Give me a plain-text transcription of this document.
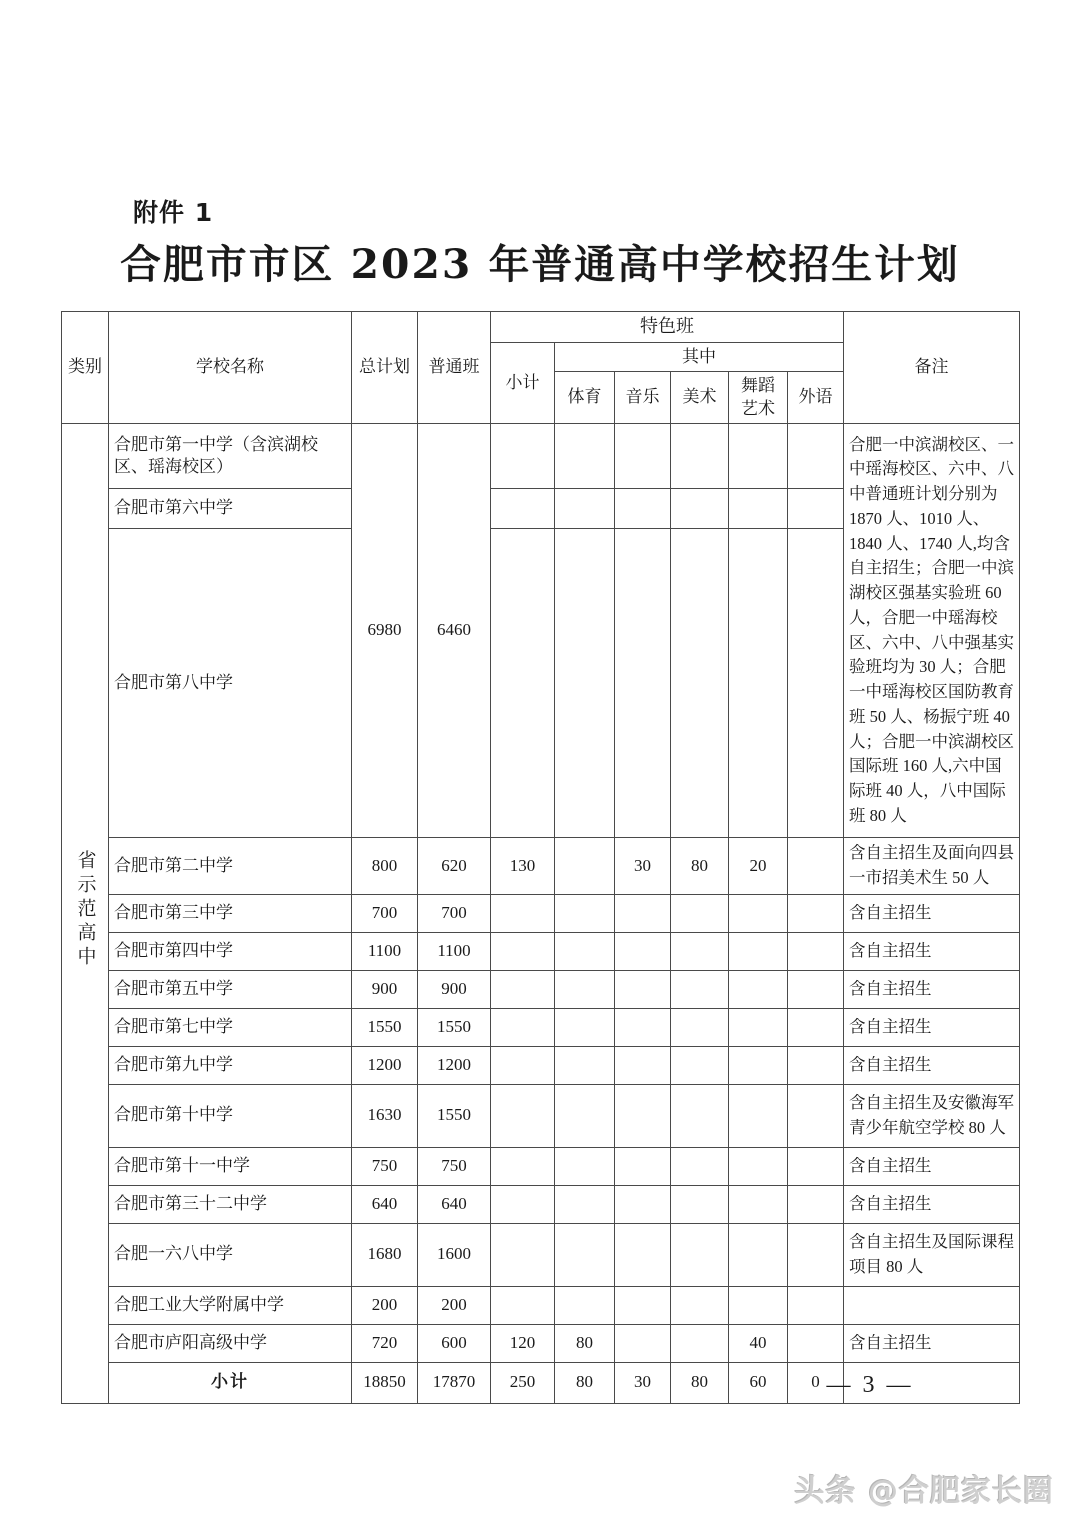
附件 1
合肥市市区 2023 年普通高中学校招生计划
类别	学校名称	总计划	普通班	特色班						备注
				小计	其中					
					体育	音乐	美术	舞蹈艺术	外语	
省示范高中	合肥市第一中学（含滨湖校区、瑶海校区）	6980	6460							合肥一中滨湖校区、一中瑶海校区、六中、八中普通班计划分别为 1870 人、1010 人、1840 人、1740 人,均含自主招生；合肥一中滨湖校区强基实验班 60 人，合肥一中瑶海校区、六中、八中强基实验班均为 30 人；合肥一中瑶海校区国防教育班 50 人、杨振宁班 40 人；合肥一中滨湖校区国际班 160 人,六中国际班 40 人，八中国际班 80 人
	合肥市第六中学									
	合肥市第八中学									
	合肥市第二中学	800	620	130		30	80	20		含自主招生及面向四县一市招美术生 50 人
	合肥市第三中学	700	700							含自主招生
	合肥市第四中学	1100	1100							含自主招生
	合肥市第五中学	900	900							含自主招生
	合肥市第七中学	1550	1550							含自主招生
	合肥市第九中学	1200	1200							含自主招生
	合肥市第十中学	1630	1550							含自主招生及安徽海军青少年航空学校 80 人
	合肥市第十一中学	750	750							含自主招生
	合肥市第三十二中学	640	640							含自主招生
	合肥一六八中学	1680	1600							含自主招生及国际课程项目 80 人
	合肥工业大学附属中学	200	200							
	合肥市庐阳高级中学	720	600	120	80			40		含自主招生
	小计	18850	17870	250	80	30	80	60	0	— 3 —
头条 @合肥家长圈
